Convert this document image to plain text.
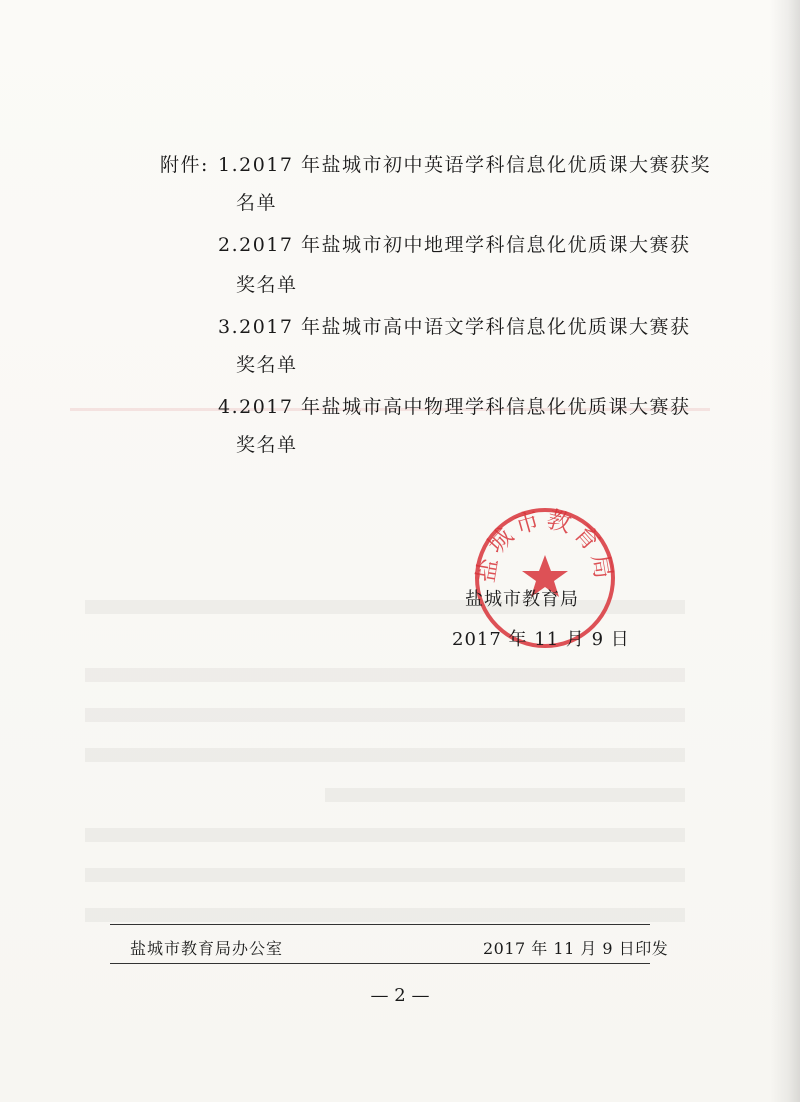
附件: 1.2017 年盐城市初中英语学科信息化优质课大赛获奖
名单
2.2017 年盐城市初中地理学科信息化优质课大赛获
奖名单
3.2017 年盐城市高中语文学科信息化优质课大赛获
奖名单
4.2017 年盐城市高中物理学科信息化优质课大赛获
奖名单
盐城市教育局
盐城市教育局
2017 年 11 月 9 日
盐城市教育局办公室	2017 年 11 月 9 日印发
— 2 —
